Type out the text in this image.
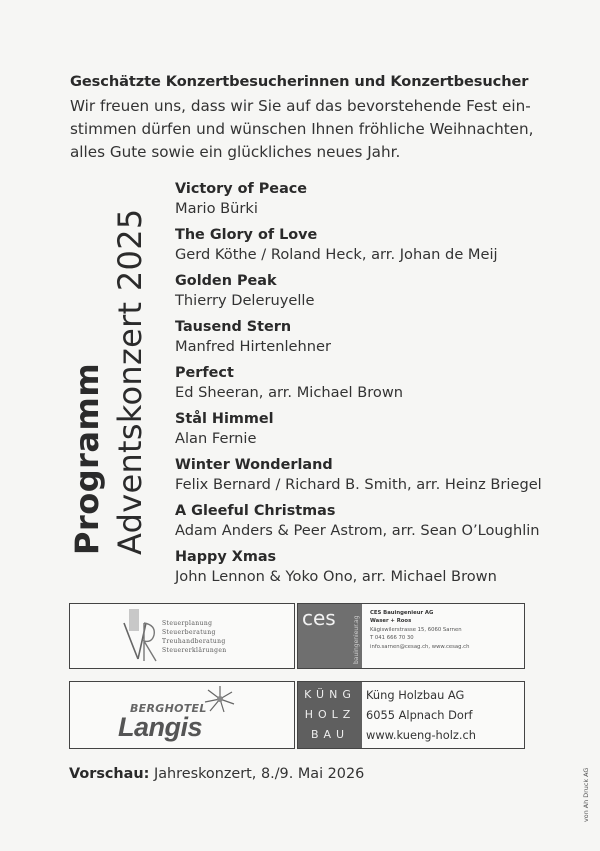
Geschätzte Konzertbesucherinnen und Konzertbesucher
Wir freuen uns, dass wir Sie auf das bevorstehende Fest ein-
stimmen dürfen und wünschen Ihnen fröhliche Weihnachten,
alles Gute sowie ein glückliches neues Jahr.
Programm Adventskonzert 2025
Victory of Peace
Mario Bürki
The Glory of Love
Gerd Köthe / Roland Heck, arr. Johan de Meij
Golden Peak
Thierry Deleruyelle
Tausend Stern
Manfred Hirtenlehner
Perfect
Ed Sheeran, arr. Michael Brown
Stål Himmel
Alan Fernie
Winter Wonderland
Felix Bernard / Richard B. Smith, arr. Heinz Briegel
A Gleeful Christmas
Adam Anders & Peer Astrom, arr. Sean O’Loughlin
Happy Xmas
John Lennon & Yoko Ono, arr. Michael Brown
Steuerplanung
Steuerberatung
Treuhandberatung
Steuererklärungen
ces	bauingenieur.ag
CES Bauingenieur AG
Waser + Roos
Kägiswilerstrasse 15, 6060 Sarnen
T 041 666 70 30
info.sarnen@cesag.ch, www.cesag.ch
BERGHOTEL
Langis
KÜNG
HOLZ
BAU
Küng Holzbau AG
6055 Alpnach Dorf
www.kueng-holz.ch
Vorschau: Jahreskonzert, 8./9. Mai 2026	von Ah Druck AG
